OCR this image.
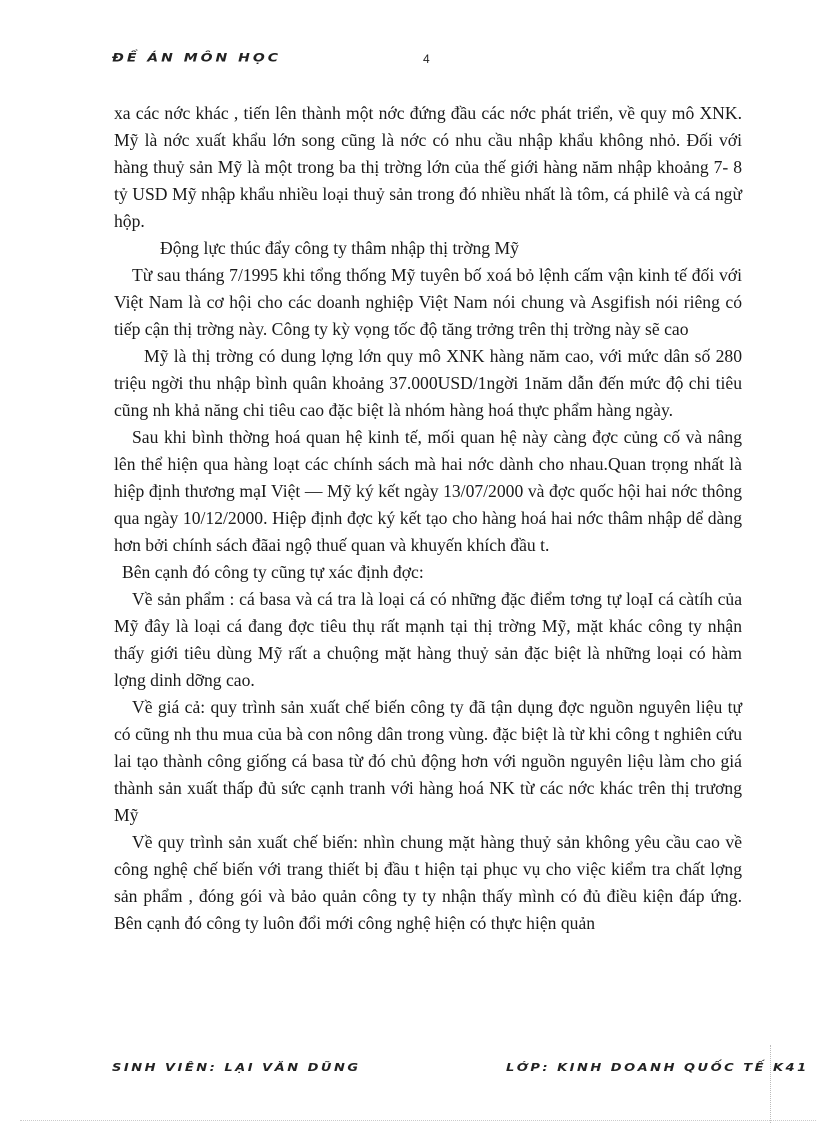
ĐỀ ÁN MÔN HỌC	4

xa các nớc khác , tiến lên thành một nớc đứng đầu các nớc phát triển, về quy mô XNK. Mỹ là nớc xuất khẩu lớn song cũng là nớc có nhu cầu nhập khẩu không nhỏ. Đối với hàng thuỷ sản Mỹ là một trong ba thị trờng lớn của thế giới hàng năm nhập khoảng 7- 8 tỷ USD Mỹ nhập khẩu nhiều loại thuỷ sản trong đó nhiều nhất là tôm, cá philê và cá ngừ hộp.

Động lực thúc đẩy công ty thâm nhập thị trờng Mỹ

Từ sau tháng 7/1995 khi tổng thống Mỹ tuyên bố xoá bỏ lệnh cấm vận kinh tế đối với Việt Nam là cơ hội cho các doanh nghiệp Việt Nam nói chung và Asgifish nói riêng có tiếp cận thị trờng này. Công ty kỳ vọng tốc độ tăng trởng trên thị trờng này sẽ cao

Mỹ là thị trờng có dung lợng lớn quy mô XNK hàng năm cao, với mức dân số 280 triệu ngời thu nhập bình quân khoảng 37.000USD/1ngời 1năm dẫn đến mức độ chi tiêu cũng nh khả năng chi tiêu cao đặc biệt là nhóm hàng hoá thực phẩm hàng ngày.

Sau khi bình thờng hoá quan hệ kinh tế, mối quan hệ này càng đợc củng cố và nâng lên thể hiện qua hàng loạt các chính sách mà hai nớc dành cho nhau.Quan trọng nhất là hiệp định thương mạI Việt — Mỹ ký kết ngày 13/07/2000 và đợc quốc hội hai nớc thông qua ngày 10/12/2000. Hiệp định đợc ký kết tạo cho hàng hoá hai nớc thâm nhập dể dàng hơn bởi chính sách đãai ngộ thuế quan và khuyến khích đầu t.

Bên cạnh đó công ty cũng tự xác định đợc:

Về sản phẩm : cá basa và cá tra là loại cá có những đặc điểm tơng tự loạI cá càtíh của Mỹ đây là loại cá đang đợc tiêu thụ rất mạnh tại thị trờng Mỹ, mặt khác công ty nhận thấy giới tiêu dùng Mỹ rất a chuộng mặt hàng thuỷ sản đặc biệt là những loại có hàm lợng dinh dỡng cao.

Về giá cả: quy trình sản xuất chế biến công ty đã tận dụng đợc nguồn nguyên liệu tự có cũng nh thu mua của bà con nông dân trong vùng. đặc biệt là từ khi công t nghiên cứu lai tạo thành công giống cá basa từ đó chủ động hơn với nguồn nguyên liệu làm cho giá thành sản xuất thấp đủ sức cạnh tranh với hàng hoá NK từ các nớc khác trên thị trương Mỹ

Về quy trình sản xuất chế biến: nhìn chung mặt hàng thuỷ sản không yêu cầu cao về công nghệ chế biến với trang thiết bị đầu t hiện tại phục vụ cho việc kiểm tra chất lợng sản phẩm , đóng gói và bảo quản công ty ty nhận thấy mình có đủ điều kiện đáp ứng. Bên cạnh đó công ty luôn đổi mới công nghệ hiện có thực hiện quản

SINH VIÊN: LẠI VĂN DŨNG	LỚP: KINH DOANH QUỐC TẾ K41
